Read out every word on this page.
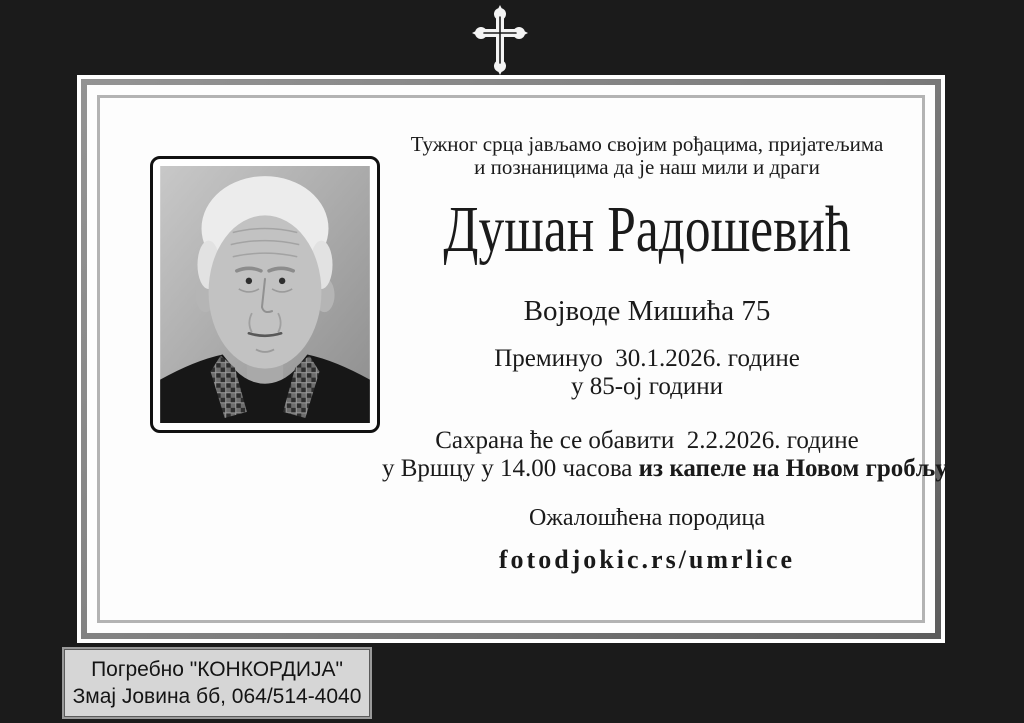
Тужног срца јављамо својим рођацима, пријатељима
и познаницима да је наш мили и драги
Душан Радошевић
Војводе Мишића 75
Преминуо  30.1.2026. године
у 85-ој години
Сахрана ће се обавити  2.2.2026. године
у Вршцу у 14.00 часова из капеле на Новом гробљу
Ожалошћена породица
fotodjokic.rs/umrlice
Погребно "КОНКОРДИЈА"
Змај Јовина бб, 064/514-4040
